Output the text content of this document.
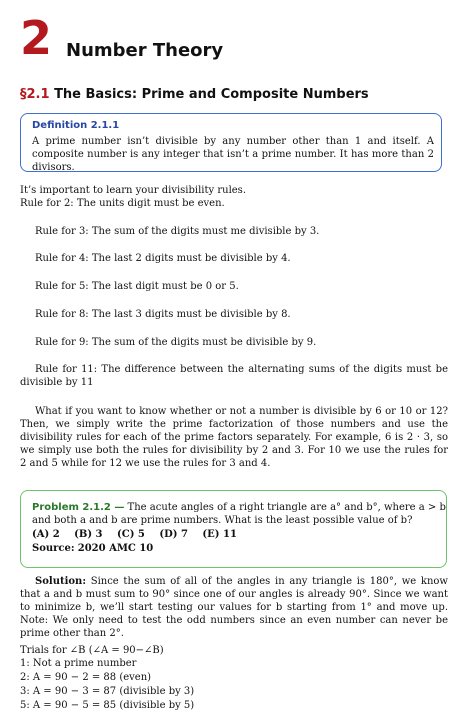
2 Number Theory
§2.1 The Basics: Prime and Composite Numbers
Definition 2.1.1
A prime number isn’t divisible by any number other than 1 and itself. A composite number is any integer that isn’t a prime number. It has more than 2 divisors.
It’s important to learn your divisibility rules.
Rule for 2: The units digit must be even.
Rule for 3: The sum of the digits must me divisible by 3.
Rule for 4: The last 2 digits must be divisible by 4.
Rule for 5: The last digit must be 0 or 5.
Rule for 8: The last 3 digits must be divisible by 8.
Rule for 9: The sum of the digits must be divisible by 9.
Rule for 11: The difference between the alternating sums of the digits must be divisible by 11
What if you want to know whether or not a number is divisible by 6 or 10 or 12? Then, we simply write the prime factorization of those numbers and use the divisibility rules for each of the prime factors separately. For example, 6 is 2 · 3, so we simply use both the rules for divisibility by 2 and 3. For 10 we use the rules for 2 and 5 while for 12 we use the rules for 3 and 4.
Problem 2.1.2 — The acute angles of a right triangle are a° and b°, where a > b
and both a and b are prime numbers. What is the least possible value of b?
(A) 2 (B) 3 (C) 5 (D) 7 (E) 11
Source: 2020 AMC 10
Solution: Since the sum of all of the angles in any triangle is 180°, we know that a and b must sum to 90° since one of our angles is already 90°. Since we want to minimize b, we’ll start testing our values for b starting from 1° and move up. Note: We only need to test the odd numbers since an even number can never be prime other than 2°.
Trials for ∠B (∠A = 90−∠B)
1: Not a prime number
2: A = 90 − 2 = 88 (even)
3: A = 90 − 3 = 87 (divisible by 3)
5: A = 90 − 5 = 85 (divisible by 5)
